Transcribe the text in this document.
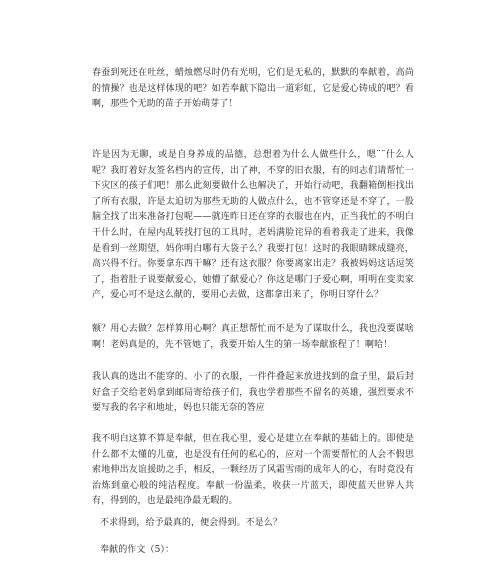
春蚕到死还在吐丝，蜡烛燃尽时仍有光明，它们是无私的，默默的奉献着，高尚的情操？也是这样体现的吧？如若奉献下隐出一道彩虹，它是爱心铸成的吧？看啊，那些个无助的苗子开始萌芽了！

许是因为无聊，或是自身养成的品德，总想着为什么人做些什么，嗯¨¨什么人呢？我盯着好友签名档内的宣传，出了神，不穿的旧衣服，有的同志们请帮忙一下灾区的孩子们吧！那么此刻要做什么也解决了，开始行动吧，我翻箱倒柜找出了所有衣服，许是太迫切为那些无助的人做点什么，也不管穿还是不穿了，一股脑全找了出来准备打包呢——就连昨日还在穿的衣服也在内，正当我忙的不明白干什么时，在屋内乱转找打包的工具时，老妈满脸诧异的看着我走了进来，我像是看到一丝期望，妈你明白哪有大袋子么？我要打包！这时的我眼睛眯成缝亮，高兴得不行。你要拿东西干嘛？还有这衣服？你要离家出走？我被妈妈这话逗笑了，指着肚子说要献爱心，她懵了献爱心？你这是哪门子爱心啊，明明在变卖家产，爱心可不是这么献的，要用心去做，这都拿出来了，你明日穿什么？

额？用心去做？怎样算用心啊？真正想帮忙而不是为了谋取什么，我也没要谋啥啊！老妈真是的，先不管她了，我要开始人生的第一场奉献旅程了！啊哈！

我认真的选出不能穿的、小了的衣服，一件件叠起来放进找到的盒子里，最后封好盒子交给老妈拿到邮局寄给孩子们，我也学着那些不留名的英雄，强烈要求不要写我的名字和地址，妈也只能无奈的答应

我不明白这算不算是奉献，但在我心里，爱心是建立在奉献的基础上的。即使是什么都不太懂的儿童，也是没有任何的私心的，应对一个需要帮忙的人会不假思索地伸出友谊援助之手，相反，一颗经历了风霜雪雨的成年人的心，有时竟没有治炼到童心般的纯洁程度。奉献一份温柔，收获一片蓝天，即使蓝天世界人共有，得到的，也是最纯净最无暇的。

不求得到，给予最真的，便会得到。不是么？

奉献的作文（5）：
